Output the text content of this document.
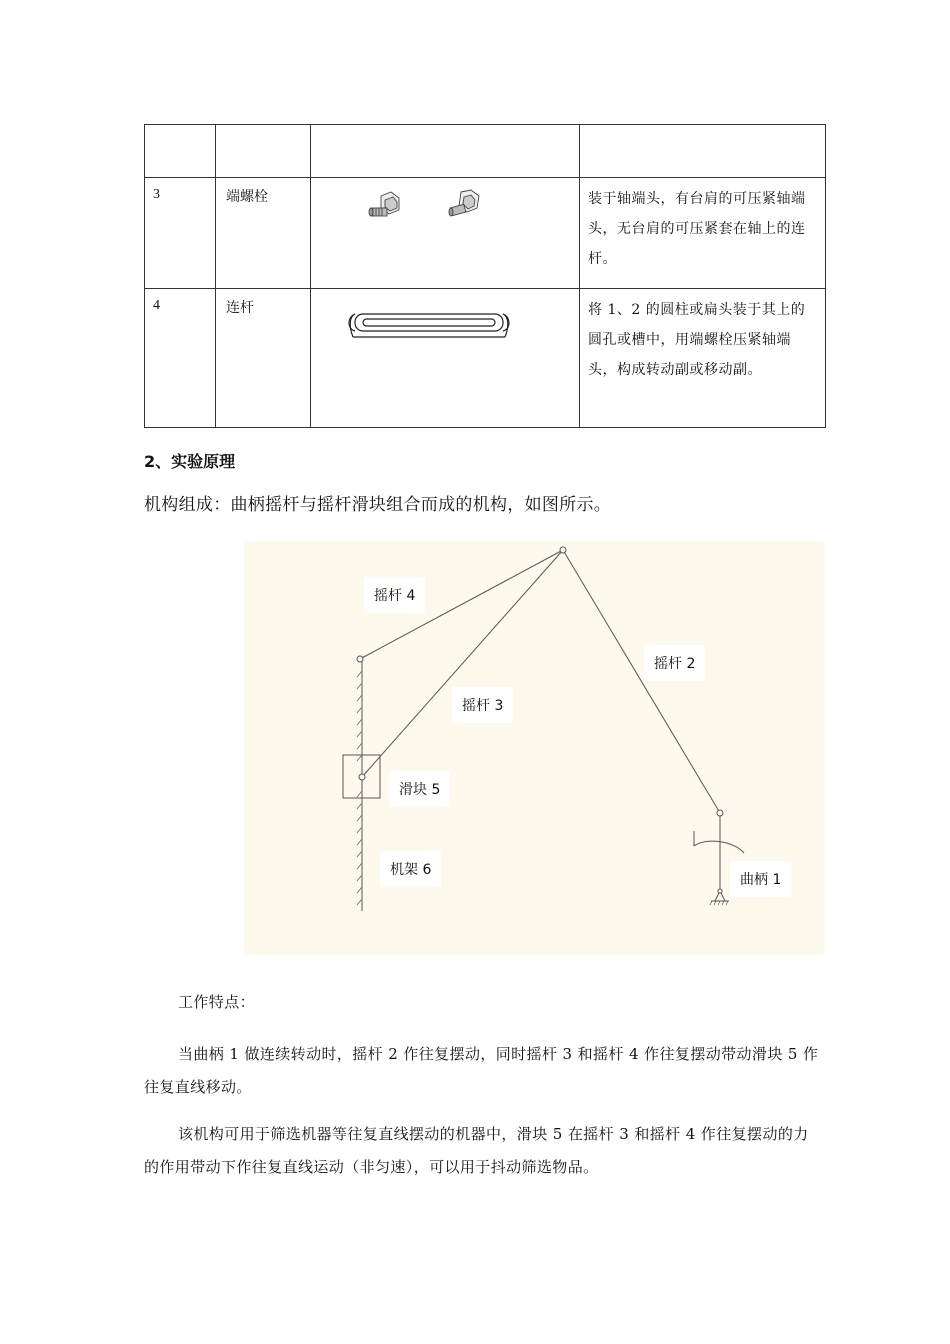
3	端螺栓		装于轴端头，有台肩的可压紧轴端头，无台肩的可压紧套在轴上的连杆。
4	连杆		将 1、2 的圆柱或扁头装于其上的圆孔或槽中，用端螺栓压紧轴端头，构成转动副或移动副。
2、实验原理
机构组成：曲柄摇杆与摇杆滑块组合而成的机构，如图所示。
摇杆 4
摇杆 2
摇杆 3
滑块 5
机架 6
曲柄 1
工作特点：
当曲柄 1 做连续转动时，摇杆 2 作往复摆动，同时摇杆 3 和摇杆 4 作往复摆动带动滑块 5 作往复直线移动。
该机构可用于筛选机器等往复直线摆动的机器中，滑块 5 在摇杆 3 和摇杆 4 作往复摆动的力的作用带动下作往复直线运动（非匀速），可以用于抖动筛选物品。
